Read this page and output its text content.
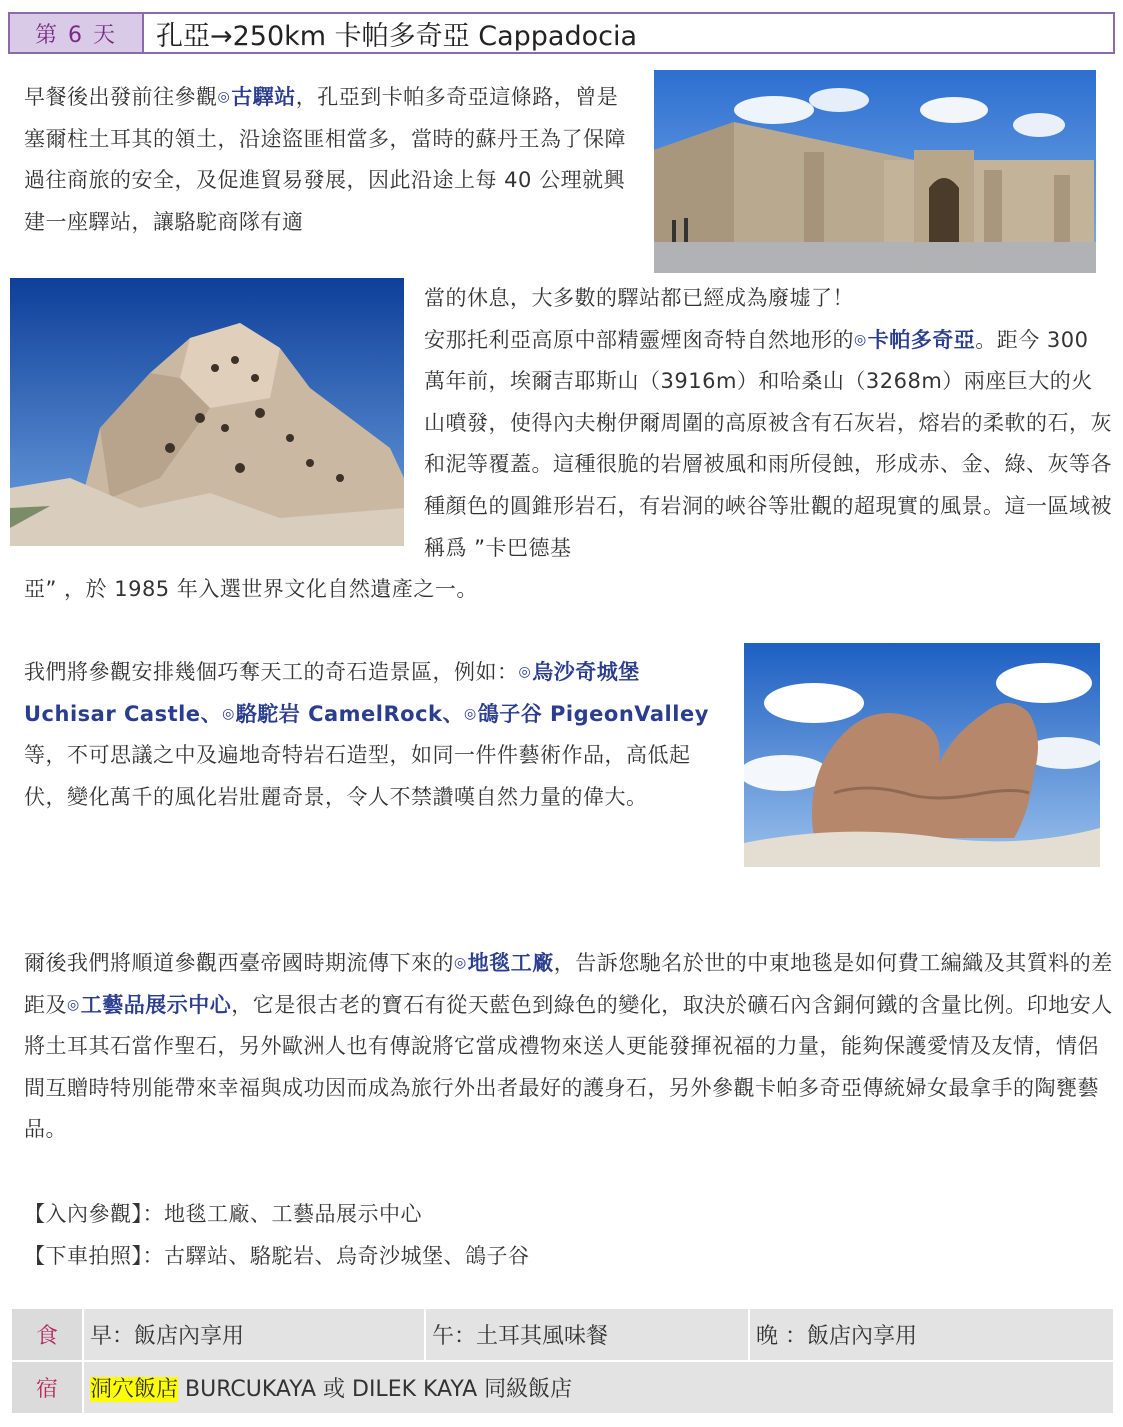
第 6 天	孔亞→250km 卡帕多奇亞 Cappadocia
早餐後出發前往參觀◎古驛站，孔亞到卡帕多奇亞這條路，曾是塞爾柱土耳其的領土，沿途盜匪相當多，當時的蘇丹王為了保障過往商旅的安全，及促進貿易發展，因此沿途上每 40 公理就興建一座驛站，讓駱駝商隊有適
當的休息，大多數的驛站都已經成為廢墟了！
安那托利亞高原中部精靈煙囪奇特自然地形的◎卡帕多奇亞。距今 300 萬年前，埃爾吉耶斯山（3916m）和哈桑山（3268m）兩座巨大的火山噴發，使得內夫榭伊爾周圍的高原被含有石灰岩，熔岩的柔軟的石，灰和泥等覆蓋。這種很脆的岩層被風和雨所侵蝕，形成赤、金、綠、灰等各種顏色的圓錐形岩石，有岩洞的峽谷等壯觀的超現實的風景。這一區域被稱爲 ”卡巴德基
亞” ，於 1985 年入選世界文化自然遺產之一。
我們將參觀安排幾個巧奪天工的奇石造景區，例如：◎烏沙奇城堡 Uchisar Castle、◎駱駝岩 CamelRock、◎鴿子谷 PigeonValley等，不可思議之中及遍地奇特岩石造型，如同一件件藝術作品，高低起伏，變化萬千的風化岩壯麗奇景，令人不禁讚嘆自然力量的偉大。
爾後我們將順道參觀西臺帝國時期流傳下來的◎地毯工廠，告訴您馳名於世的中東地毯是如何費工編織及其質料的差距及◎工藝品展示中心，它是很古老的寶石有從天藍色到綠色的變化，取決於礦石內含銅何鐵的含量比例。印地安人將土耳其石當作聖石，另外歐洲人也有傳說將它當成禮物來送人更能發揮祝福的力量，能夠保護愛情及友情，情侶間互贈時特別能帶來幸福與成功因而成為旅行外出者最好的護身石，另外參觀卡帕多奇亞傳統婦女最拿手的陶甕藝品。
【入內參觀】：地毯工廠、工藝品展示中心
【下車拍照】：古驛站、駱駝岩、烏奇沙城堡、鴿子谷
食	早：飯店內享用	午：土耳其風味餐	晚 ：飯店內享用
宿	洞穴飯店 BURCUKAYA 或 DILEK KAYA 同級飯店		
